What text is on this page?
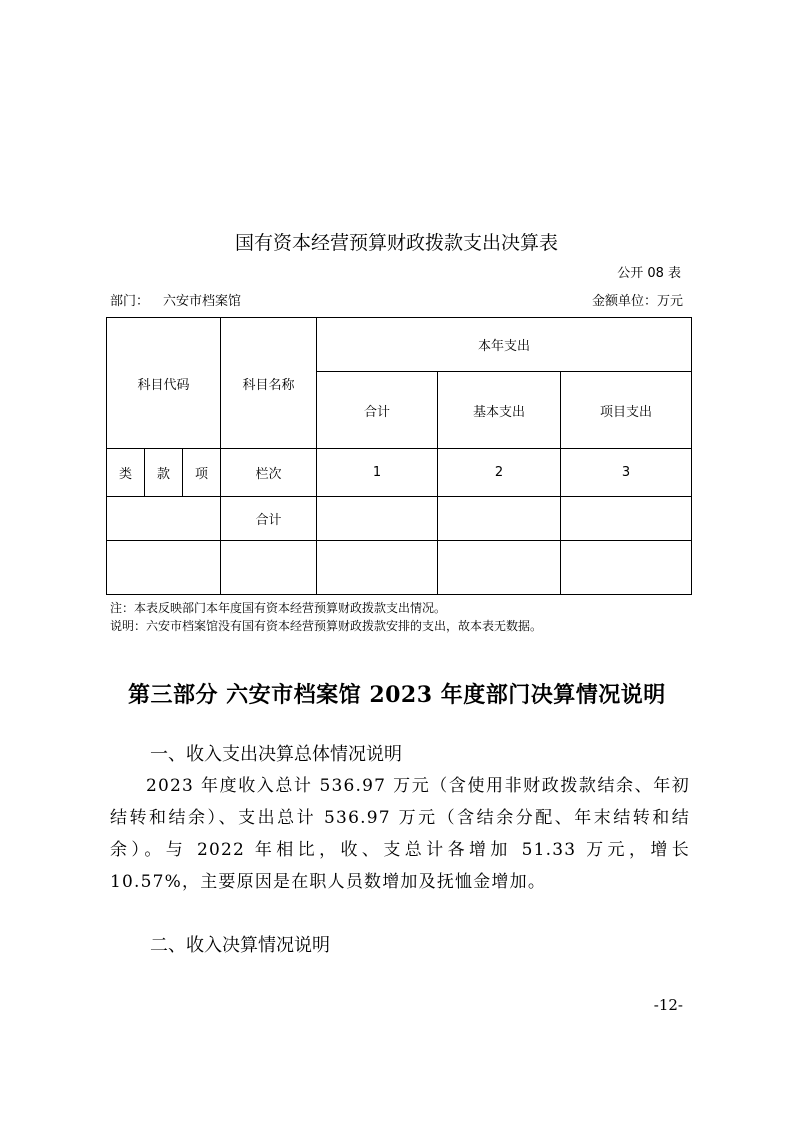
国有资本经营预算财政拨款支出决算表
公开 08 表
部门： 六安市档案馆	金额单位：万元
科目代码			科目名称	本年支出		
				合计	基本支出	项目支出
类	款	项	栏次	1	2	3
			合计			

注：本表反映部门本年度国有资本经营预算财政拨款支出情况。
说明：六安市档案馆没有国有资本经营预算财政拨款安排的支出，故本表无数据。
第三部分 六安市档案馆 2023 年度部门决算情况说明
一、收入支出决算总体情况说明
2023 年度收入总计 536.97 万元（含使用非财政拨款结余、年初结转和结余）、支出总计 536.97 万元（含结余分配、年末结转和结余）。与 2022 年相比，收、支总计各增加 51.33 万元，增长 10.57%，主要原因是在职人员数增加及抚恤金增加。
二、收入决算情况说明
-12-
